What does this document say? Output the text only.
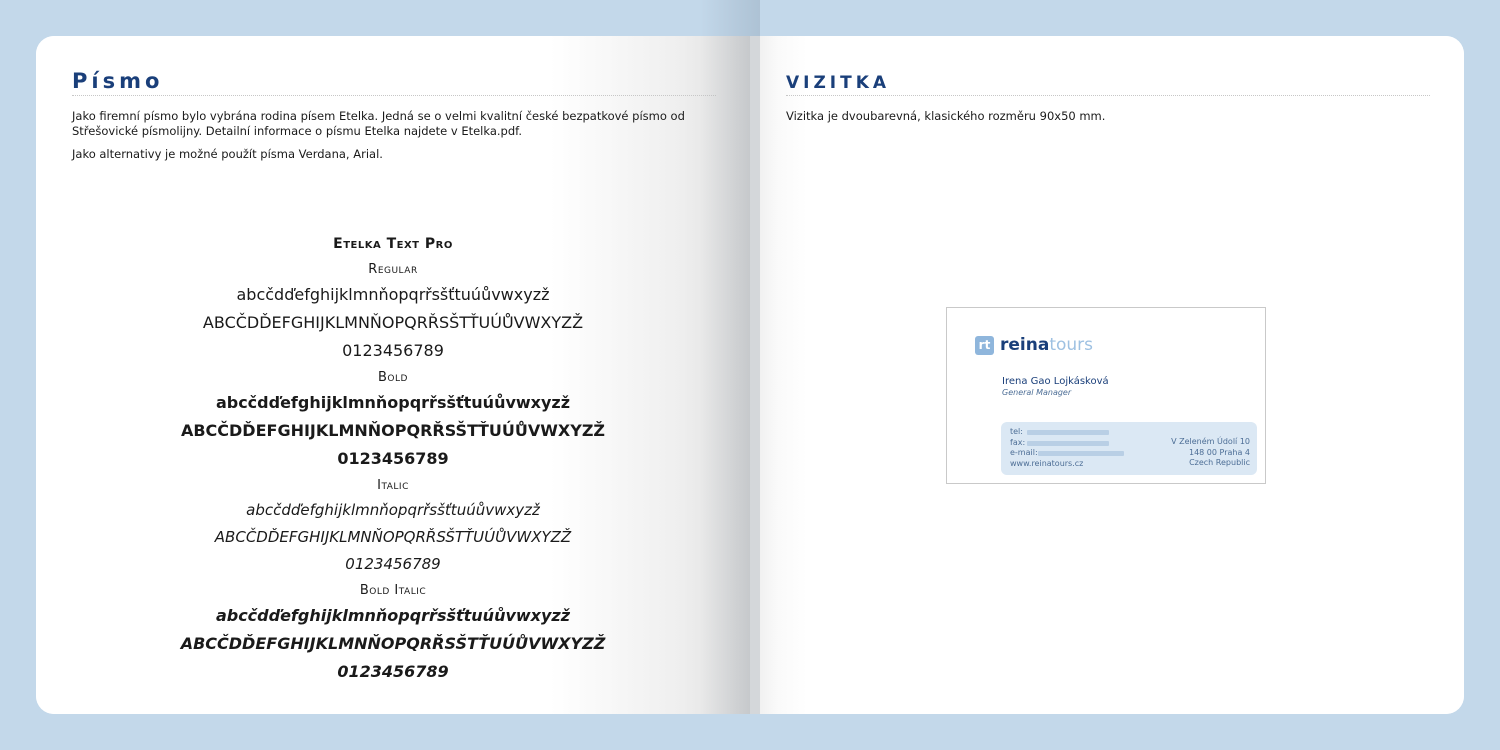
Písmo

Jako firemní písmo bylo vybrána rodina písem Etelka. Jedná se o velmi kvalitní české bezpatkové písmo od Střešovické písmolijny. Detailní informace o písmu Etelka najdete v Etelka.pdf.

Jako alternativy je možné použít písma Verdana, Arial.

Etelka Text Pro

Regular

abcčdďefghijklmnňopqrřsšťtuúůvwxyzž

ABCČDĎEFGHIJKLMNŇOPQRŘSŠTŤUÚŮVWXYZŽ

0123456789

Bold

abcčdďefghijklmnňopqrřsšťtuúůvwxyzž

ABCČDĎEFGHIJKLMNŇOPQRŘSŠTŤUÚŮVWXYZŽ

0123456789

Italic

abcčdďefghijklmnňopqrřsšťtuúůvwxyzž

ABCČDĎEFGHIJKLMNŇOPQRŘSŠTŤUÚŮVWXYZŽ

0123456789

Bold Italic

abcčdďefghijklmnňopqrřsšťtuúůvwxyzž

ABCČDĎEFGHIJKLMNŇOPQRŘSŠTŤUÚŮVWXYZŽ

0123456789

VIZITKA

Vizitka je dvoubarevná, klasického rozměru 90x50 mm.

rt reinatours

Irena Gao Lojkásková

General Manager

tel:
fax:
e-mail:
www.reinatours.cz
V Zeleném Údolí 10
148 00 Praha 4
Czech Republic
